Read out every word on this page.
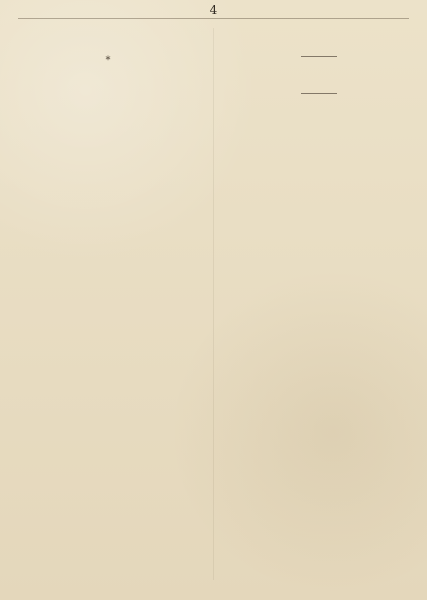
4
*
